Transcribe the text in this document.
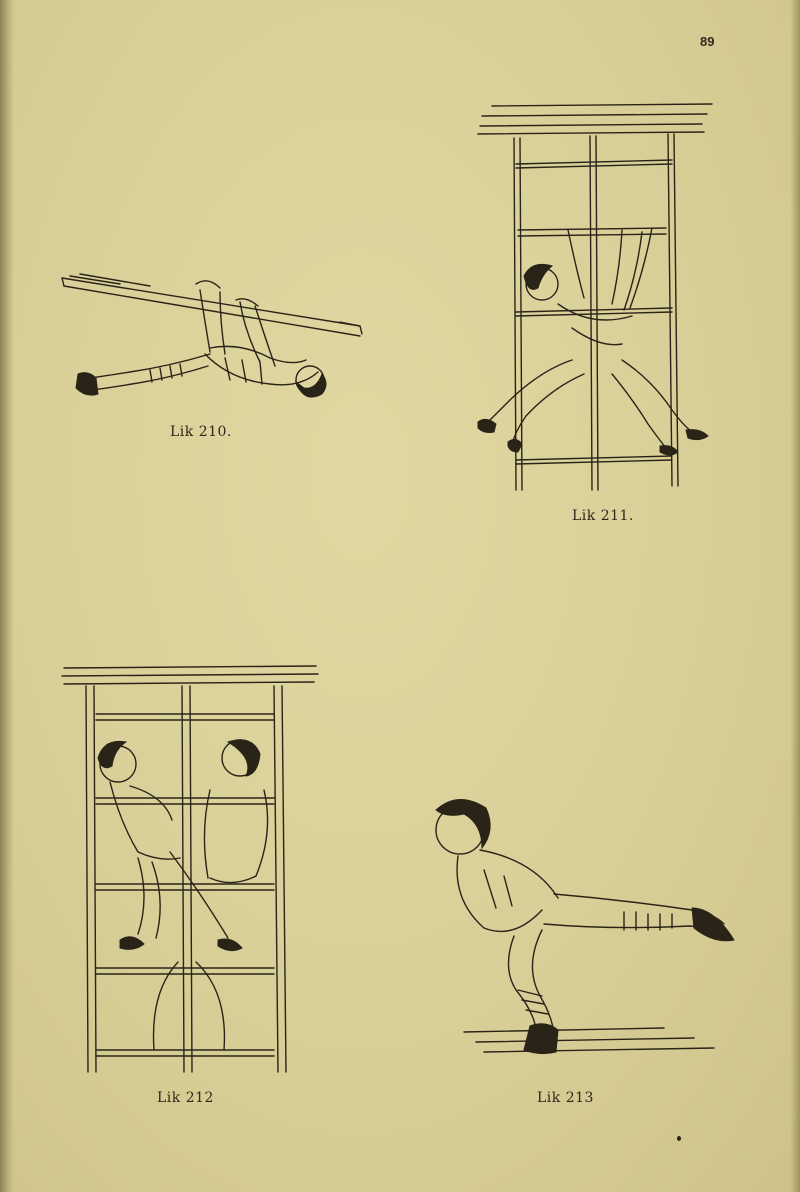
89
Lik 210.
Lik 211.
Lik 212	Lik 213
